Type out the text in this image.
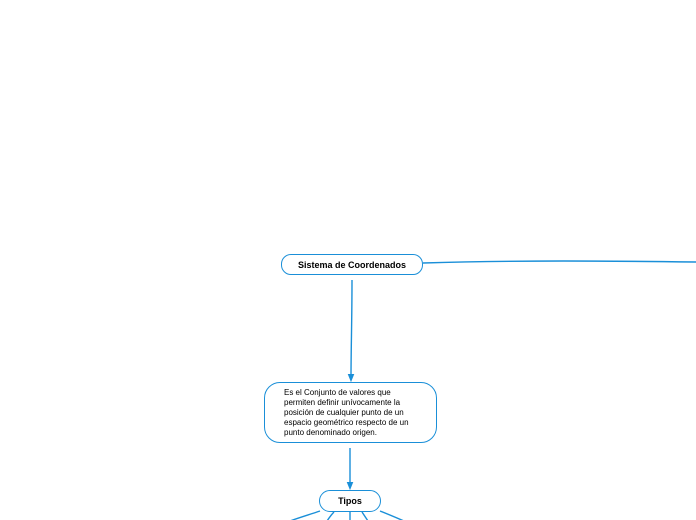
Sistema de Coordenados
Es el Conjunto de valores que permiten definir unívocamente la posición de cualquier punto de un espacio geométrico respecto de un punto denominado origen.
Tipos
